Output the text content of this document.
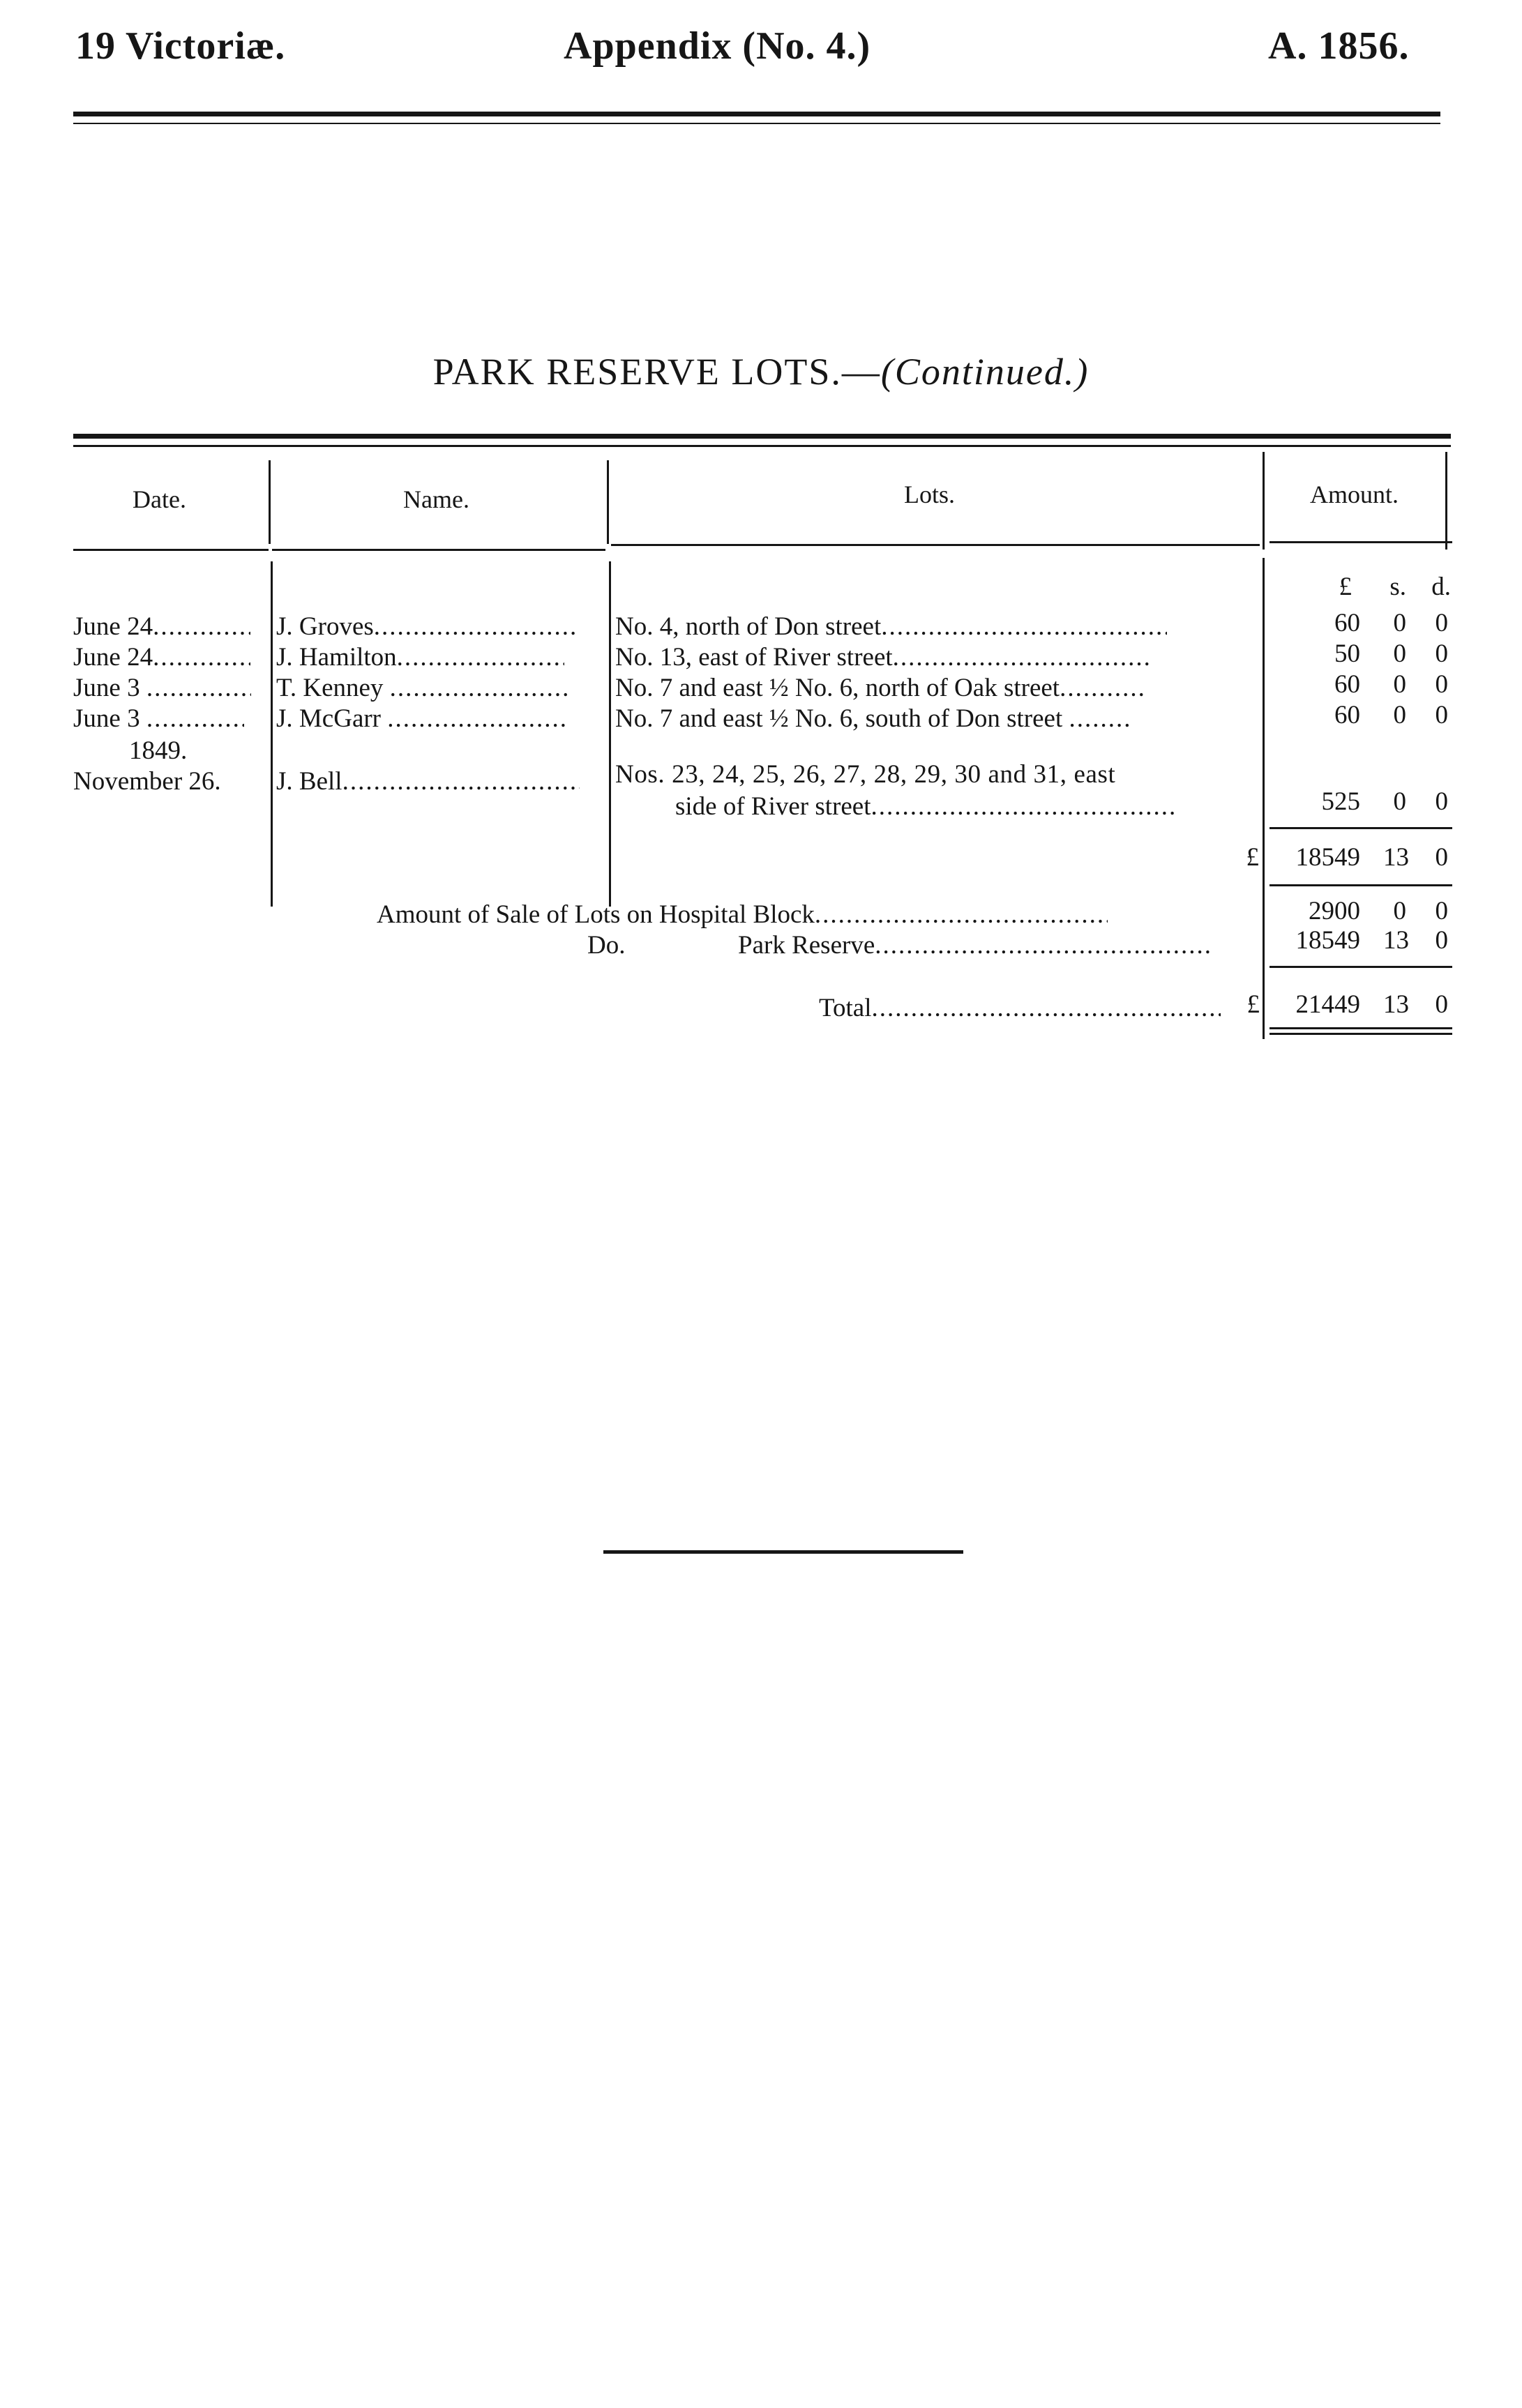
19 Victoriæ.	Appendix (No. 4.)	A. 1856.
PARK RESERVE LOTS.—(Continued.)
Date.	Name.	Lots.	Amount.
£ s. d.
June 24 .....	J. Groves .....	No. 4, north of Don street .....	60	0	0
June 24 .....	J. Hamilton .....	No. 13, east of River street .....	50	0	0
June 3 .....	T. Kenney .....	No. 7 and east ½ No. 6, north of Oak street .....	60	0	0
June 3 .....	J. McGarr .....	No. 7 and east ½ No. 6, south of Don street .....	60	0	0
1849.
November 26.	J. Bell .....	Nos. 23, 24, 25, 26, 27, 28, 29, 30 and 31, east
side of River street .....	525	0	0
£	18549 13	0
Amount of Sale of Lots on Hospital Block .....	2900	0	0
Do.	Park Reserve .....	18549 13	0
Total .....	£	21449 13	0
